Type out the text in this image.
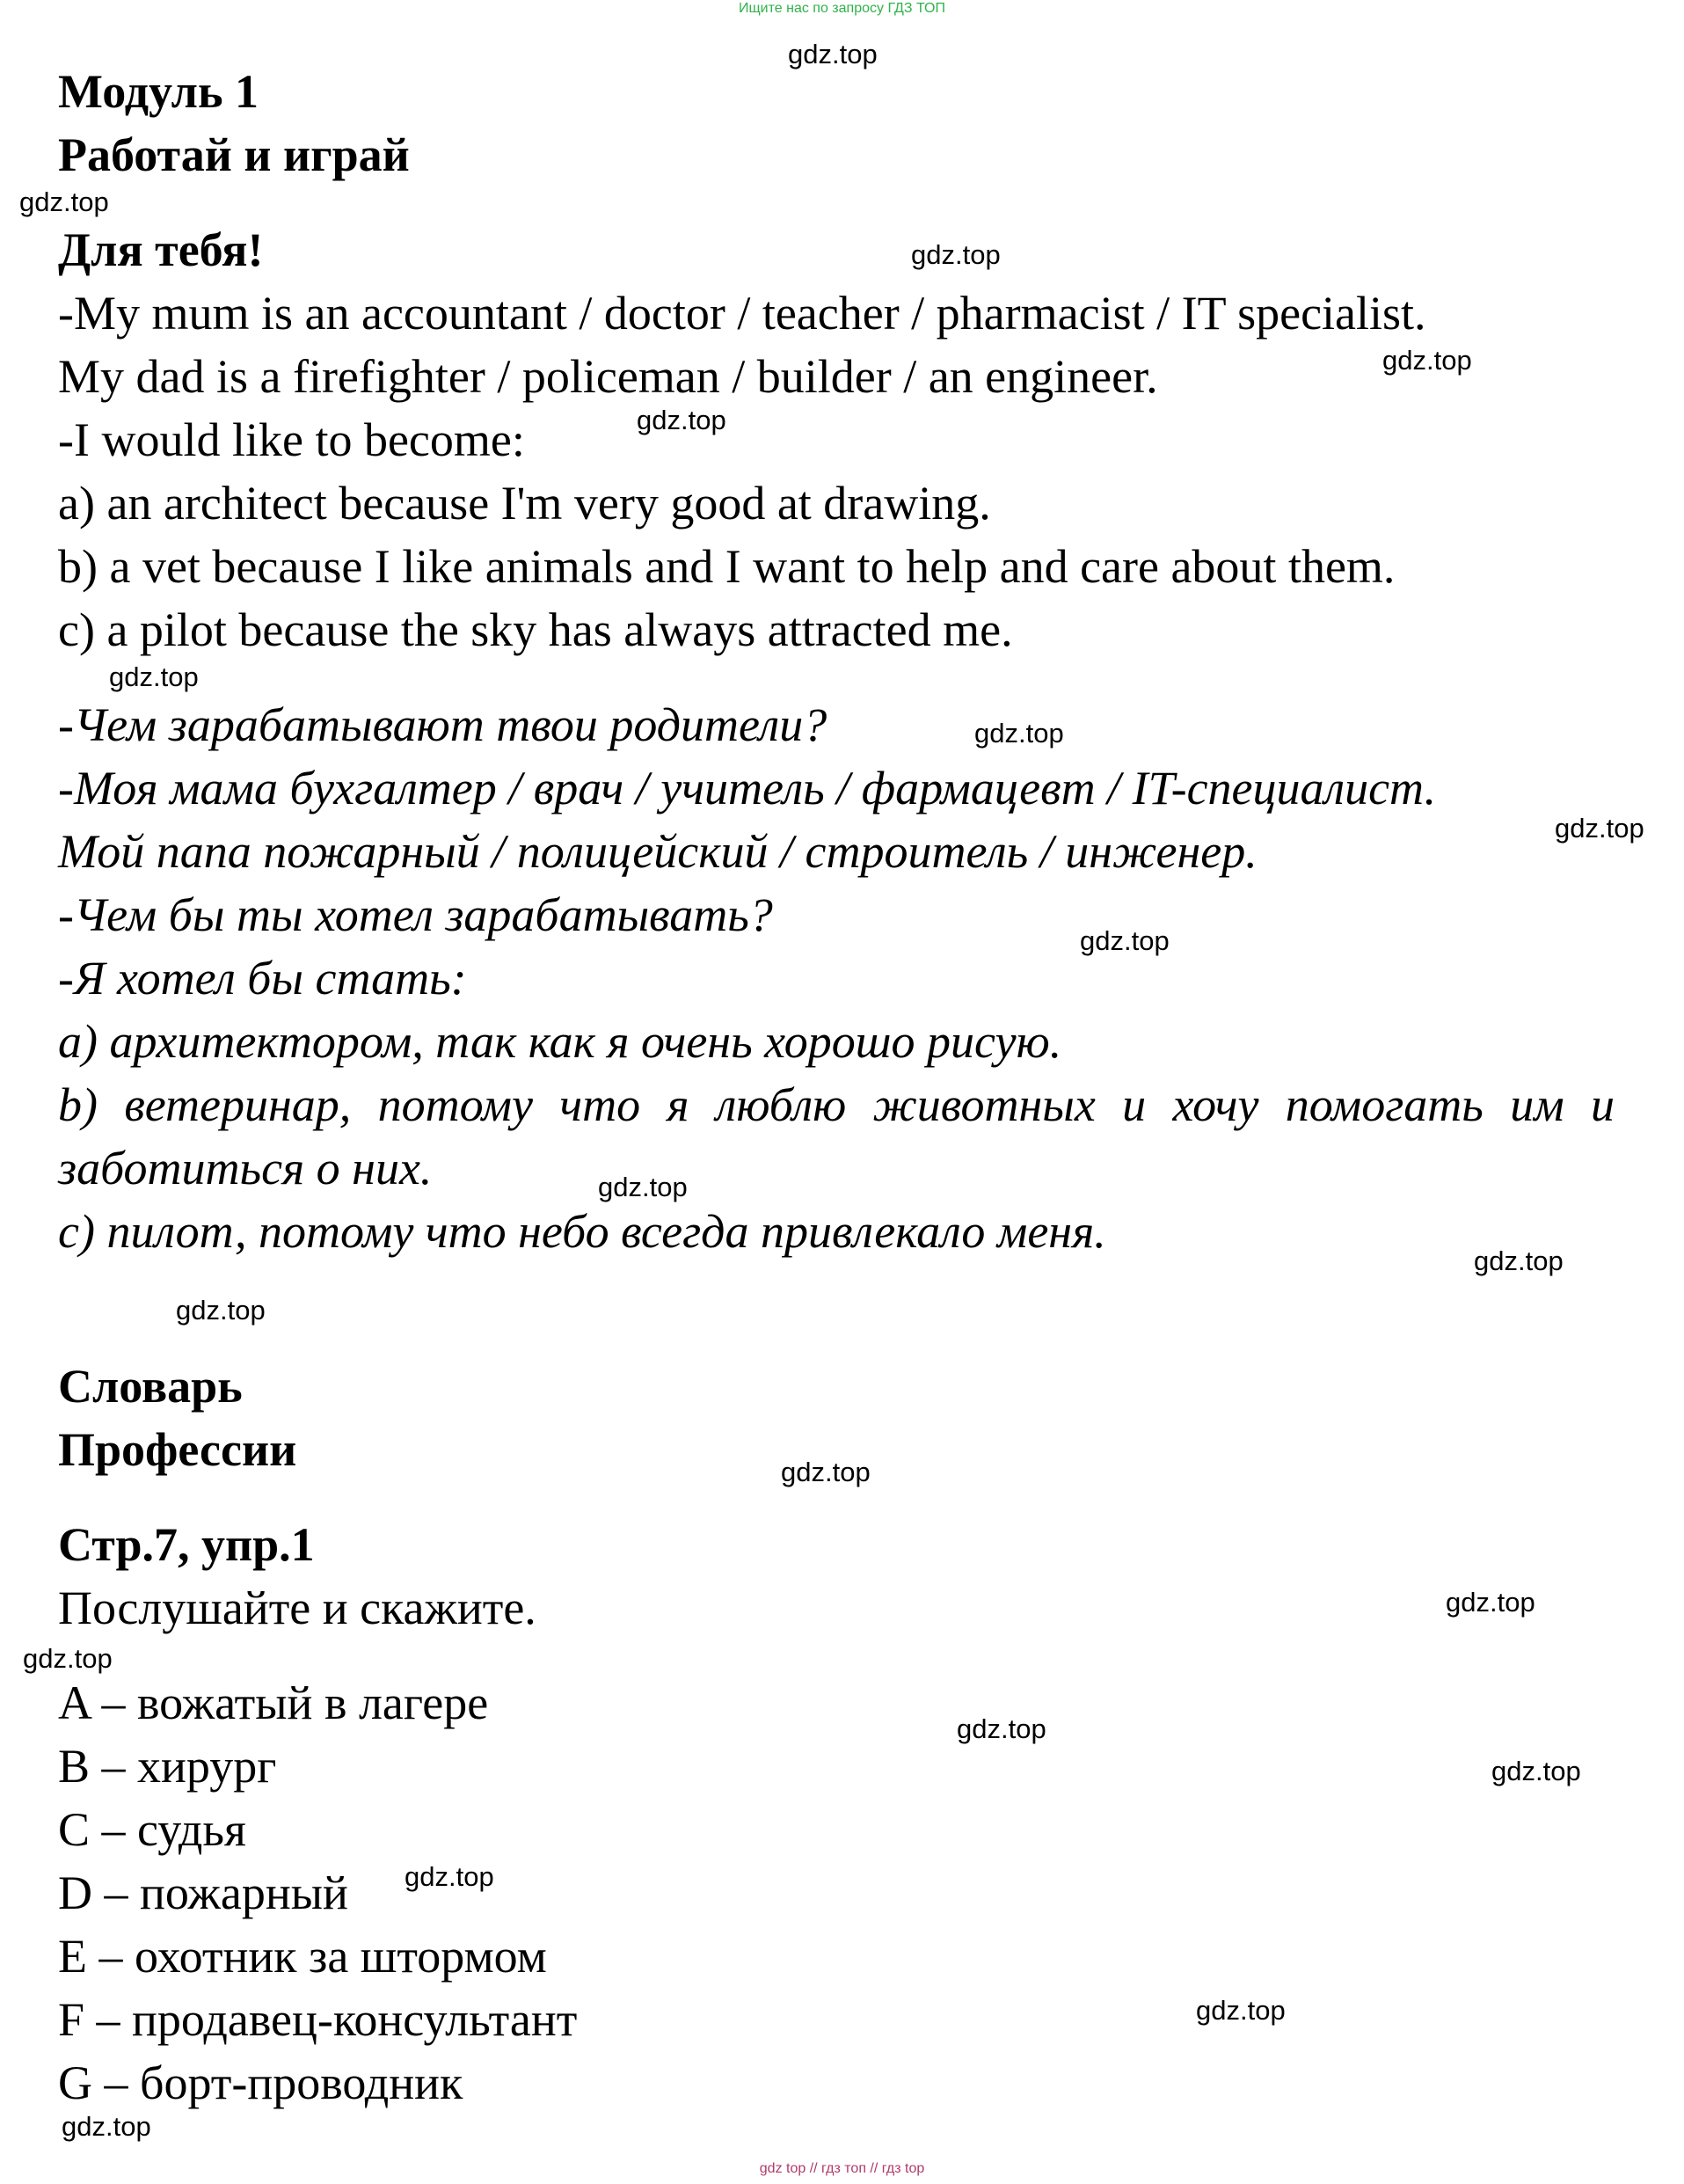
Ищите нас по запросу ГДЗ ТОП
Модуль 1
Работай и играй
Для тебя!
-My mum is an accountant / doctor / teacher / pharmacist / IT specialist.
My dad is a firefighter / policeman / builder / an engineer.
-I would like to become:
a) an architect because I'm very good at drawing.
b) a vet because I like animals and I want to help and care about them.
c) a pilot because the sky has always attracted me.
-Чем зарабатывают твои родители?
-Моя мама бухгалтер / врач / учитель / фармацевт / IT-специалист.
Мой папа пожарный / полицейский / строитель / инженер.
-Чем бы ты хотел зарабатывать?
-Я хотел бы стать:
а) архитектором, так как я очень хорошо рисую.
b) ветеринар, потому что я люблю животных и хочу помогать им и
заботиться о них.
с) пилот, потому что небо всегда привлекало меня.
Словарь
Профессии
Стр.7, упр.1
Послушайте и скажите.
A – вожатый в лагере
B – хирург
C – судья
D – пожарный
E – охотник за штормом
F – продавец-консультант
G – борт-проводник
gdz.top
gdz.top
gdz.top
gdz.top
gdz.top
gdz.top
gdz.top
gdz.top
gdz.top
gdz.top
gdz.top
gdz.top
gdz.top
gdz.top
gdz.top
gdz.top
gdz.top
gdz.top
gdz.top
gdz.top
gdz top // гдз топ // гдз top
